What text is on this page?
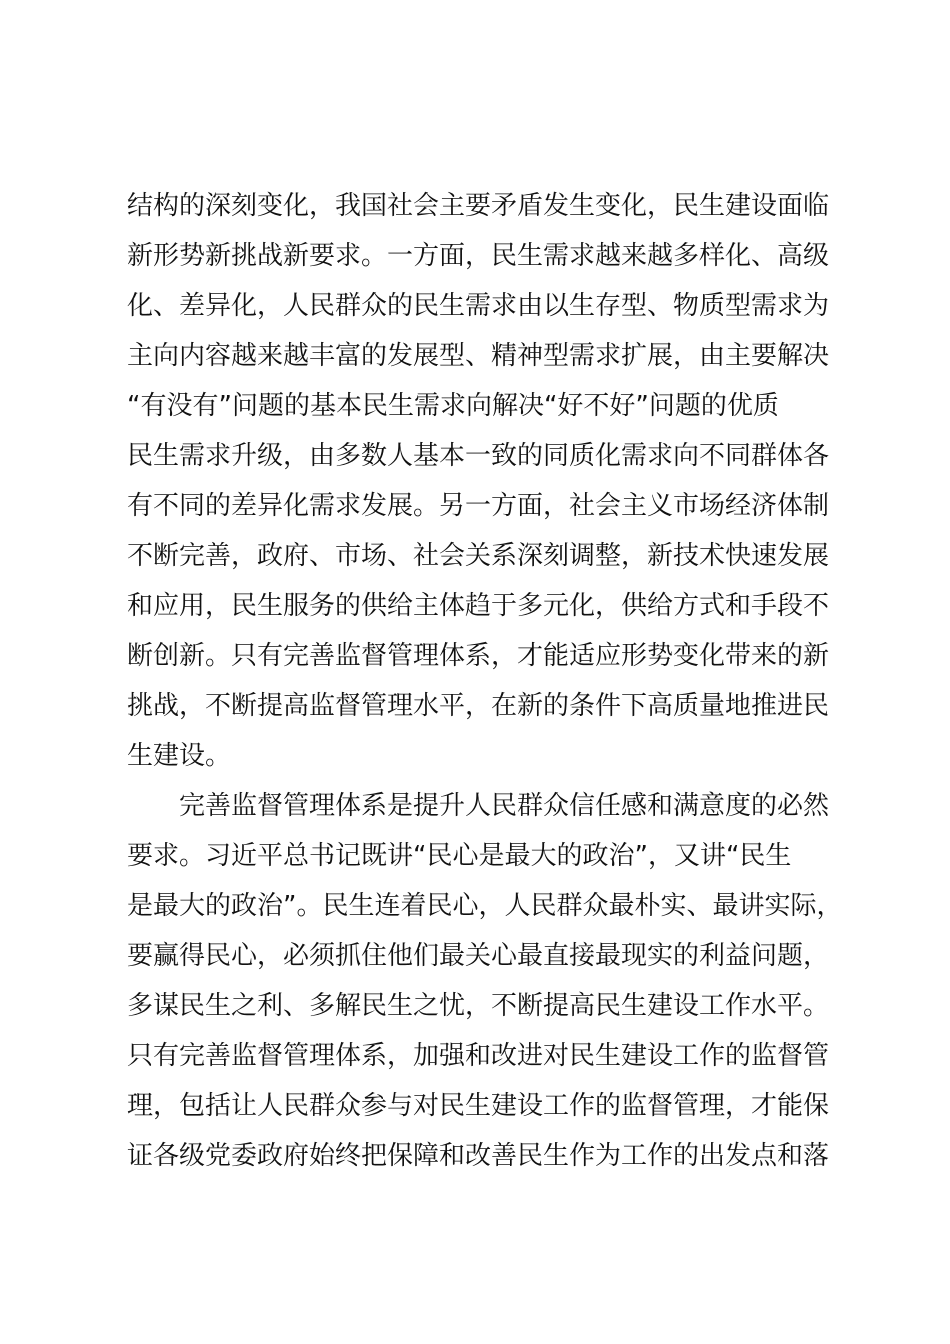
结构的深刻变化，我国社会主要矛盾发生变化，民生建设面临
新形势新挑战新要求。一方面，民生需求越来越多样化、高级
化、差异化，人民群众的民生需求由以生存型、物质型需求为
主向内容越来越丰富的发展型、精神型需求扩展，由主要解决
“有没有”问题的基本民生需求向解决“好不好”问题的优质
民生需求升级，由多数人基本一致的同质化需求向不同群体各
有不同的差异化需求发展。另一方面，社会主义市场经济体制
不断完善，政府、市场、社会关系深刻调整，新技术快速发展
和应用，民生服务的供给主体趋于多元化，供给方式和手段不
断创新。只有完善监督管理体系，才能适应形势变化带来的新
挑战，不断提高监督管理水平，在新的条件下高质量地推进民
生建设。
完善监督管理体系是提升人民群众信任感和满意度的必然
要求。习近平总书记既讲“民心是最大的政治”，又讲“民生
是最大的政治”。民生连着民心，人民群众最朴实、最讲实际，
要赢得民心，必须抓住他们最关心最直接最现实的利益问题，
多谋民生之利、多解民生之忧，不断提高民生建设工作水平。
只有完善监督管理体系，加强和改进对民生建设工作的监督管
理，包括让人民群众参与对民生建设工作的监督管理，才能保
证各级党委政府始终把保障和改善民生作为工作的出发点和落
